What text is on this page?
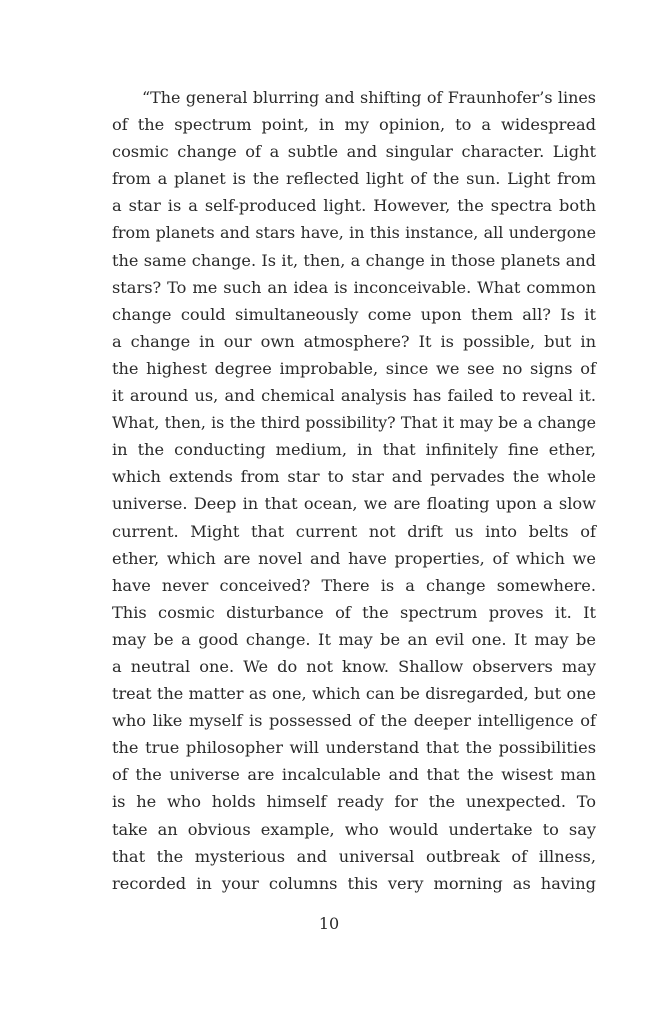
“The general blurring and shifting of Fraunhofer’s lines
of the spectrum point, in my opinion, to a widespread
cosmic change of a subtle and singular character. Light
from a planet is the reflected light of the sun. Light from
a star is a self-produced light. However, the spectra both
from planets and stars have, in this instance, all undergone
the same change. Is it, then, a change in those planets and
stars? To me such an idea is inconceivable. What common
change could simultaneously come upon them all? Is it
a change in our own atmosphere? It is possible, but in
the highest degree improbable, since we see no signs of
it around us, and chemical analysis has failed to reveal it.
What, then, is the third possibility? That it may be a change
in the conducting medium, in that infinitely fine ether,
which extends from star to star and pervades the whole
universe. Deep in that ocean, we are floating upon a slow
current. Might that current not drift us into belts of
ether, which are novel and have properties, of which we
have never conceived? There is a change somewhere.
This cosmic disturbance of the spectrum proves it. It
may be a good change. It may be an evil one. It may be
a neutral one. We do not know. Shallow observers may
treat the matter as one, which can be disregarded, but one
who like myself is possessed of the deeper intelligence of
the true philosopher will understand that the possibilities
of the universe are incalculable and that the wisest man
is he who holds himself ready for the unexpected. To
take an obvious example, who would undertake to say
that the mysterious and universal outbreak of illness,
recorded in your columns this very morning as having
10
